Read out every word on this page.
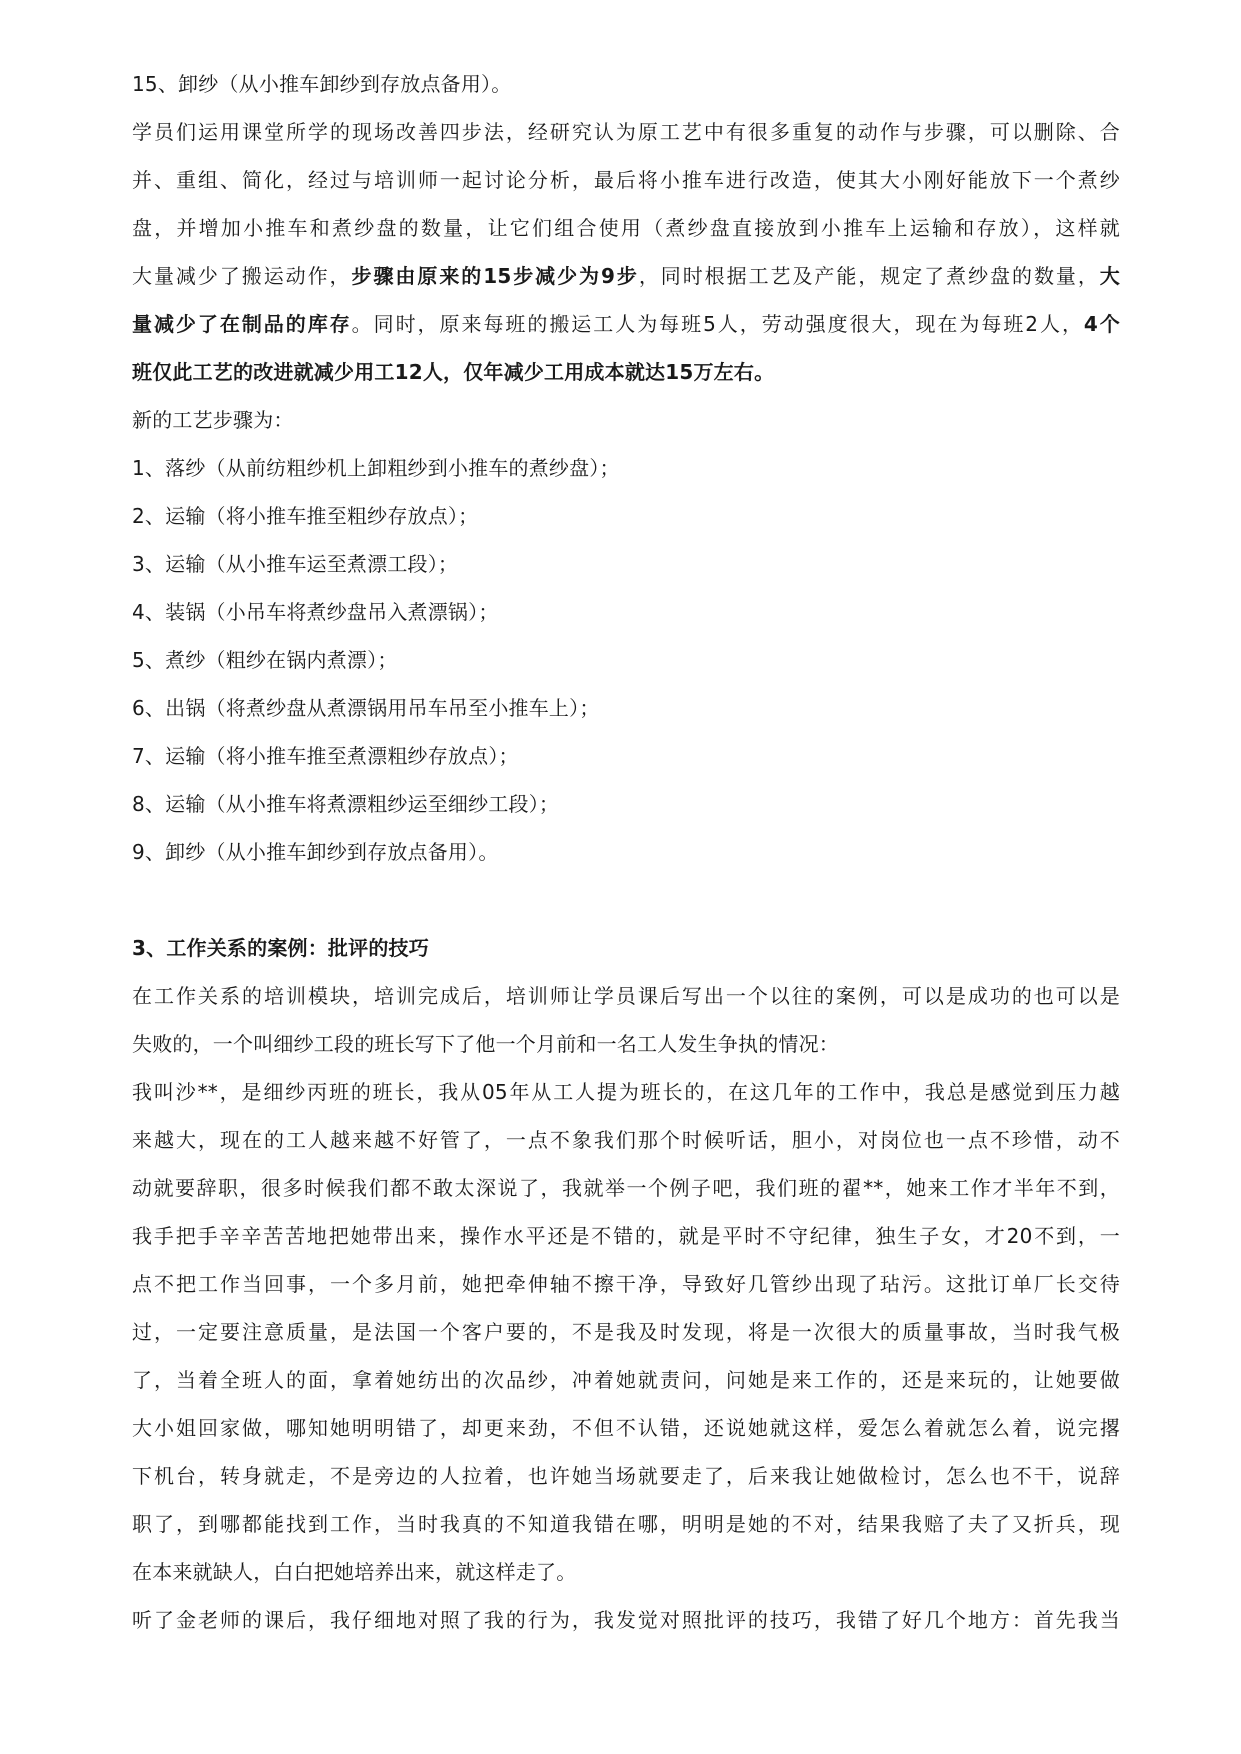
15、卸纱（从小推车卸纱到存放点备用）。
学员们运用课堂所学的现场改善四步法，经研究认为原工艺中有很多重复的动作与步骤，可以删除、合
并、重组、简化，经过与培训师一起讨论分析，最后将小推车进行改造，使其大小刚好能放下一个煮纱
盘，并增加小推车和煮纱盘的数量，让它们组合使用（煮纱盘直接放到小推车上运输和存放），这样就
大量减少了搬运动作，步骤由原来的15步减少为9步，同时根据工艺及产能，规定了煮纱盘的数量，大
量减少了在制品的库存。同时，原来每班的搬运工人为每班5人，劳动强度很大，现在为每班2人，4个
班仅此工艺的改进就减少用工12人，仅年减少工用成本就达15万左右。
新的工艺步骤为：
1、落纱（从前纺粗纱机上卸粗纱到小推车的煮纱盘）；
2、运输（将小推车推至粗纱存放点）；
3、运输（从小推车运至煮漂工段）；
4、装锅（小吊车将煮纱盘吊入煮漂锅）；
5、煮纱（粗纱在锅内煮漂）；
6、出锅（将煮纱盘从煮漂锅用吊车吊至小推车上）；
7、运输（将小推车推至煮漂粗纱存放点）；
8、运输（从小推车将煮漂粗纱运至细纱工段）；
9、卸纱（从小推车卸纱到存放点备用）。
3、工作关系的案例：批评的技巧
在工作关系的培训模块，培训完成后，培训师让学员课后写出一个以往的案例，可以是成功的也可以是
失败的，一个叫细纱工段的班长写下了他一个月前和一名工人发生争执的情况：
我叫沙**，是细纱丙班的班长，我从05年从工人提为班长的，在这几年的工作中，我总是感觉到压力越
来越大，现在的工人越来越不好管了，一点不象我们那个时候听话，胆小，对岗位也一点不珍惜，动不
动就要辞职，很多时候我们都不敢太深说了，我就举一个例子吧，我们班的翟**，她来工作才半年不到，
我手把手辛辛苦苦地把她带出来，操作水平还是不错的，就是平时不守纪律，独生子女，才20不到，一
点不把工作当回事，一个多月前，她把牵伸轴不擦干净，导致好几管纱出现了玷污。这批订单厂长交待
过，一定要注意质量，是法国一个客户要的，不是我及时发现，将是一次很大的质量事故，当时我气极
了，当着全班人的面，拿着她纺出的次品纱，冲着她就责问，问她是来工作的，还是来玩的，让她要做
大小姐回家做，哪知她明明错了，却更来劲，不但不认错，还说她就这样，爱怎么着就怎么着，说完撂
下机台，转身就走，不是旁边的人拉着，也许她当场就要走了，后来我让她做检讨，怎么也不干，说辞
职了，到哪都能找到工作，当时我真的不知道我错在哪，明明是她的不对，结果我赔了夫了又折兵，现
在本来就缺人，白白把她培养出来，就这样走了。
听了金老师的课后，我仔细地对照了我的行为，我发觉对照批评的技巧，我错了好几个地方：首先我当
